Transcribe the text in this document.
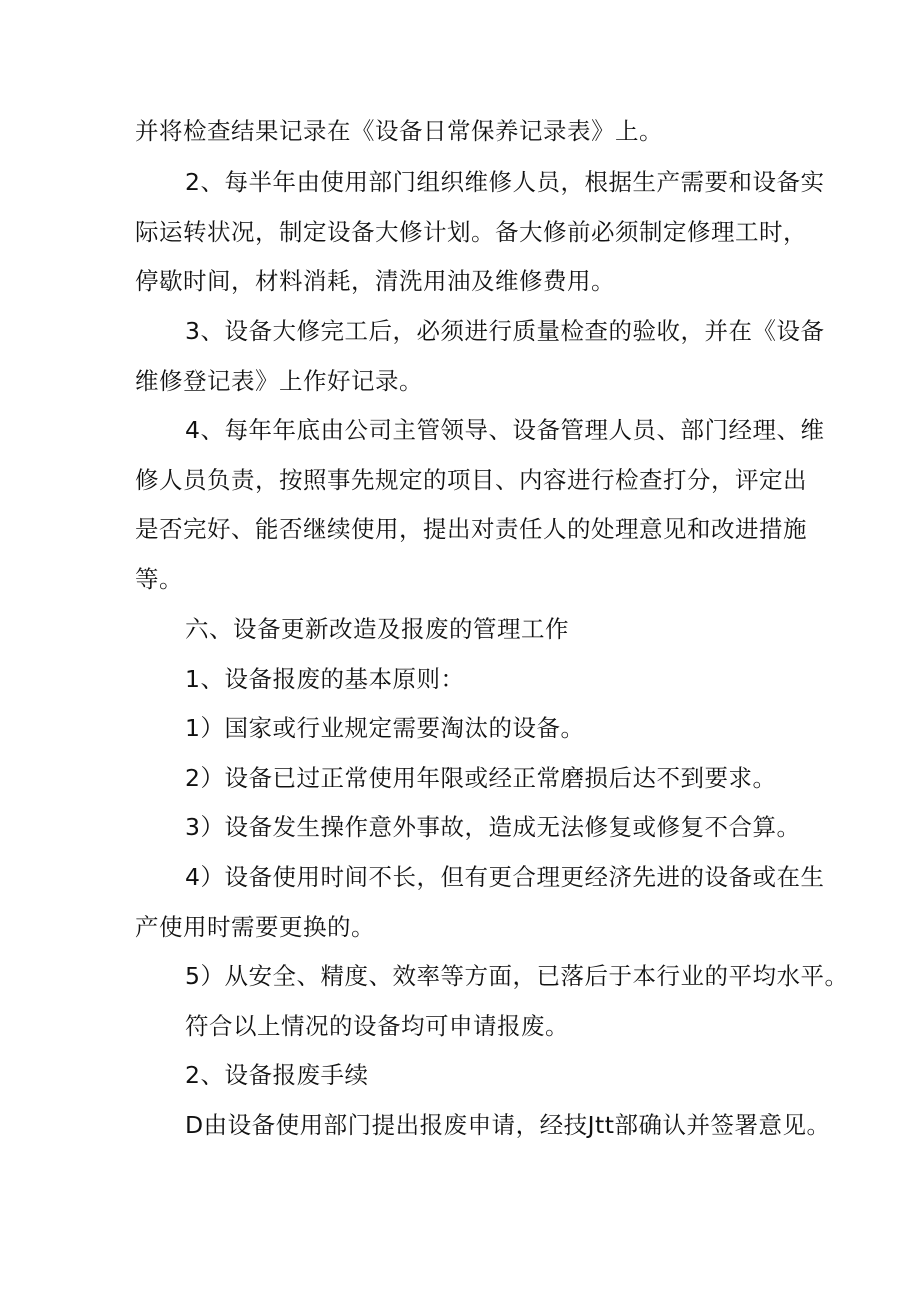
并将检查结果记录在《设备日常保养记录表》上。
2、每半年由使用部门组织维修人员，根据生产需要和设备实
际运转状况，制定设备大修计划。备大修前必须制定修理工时，
停歇时间，材料消耗，清洗用油及维修费用。
3、设备大修完工后，必须进行质量检查的验收，并在《设备
维修登记表》上作好记录。
4、每年年底由公司主管领导、设备管理人员、部门经理、维
修人员负责，按照事先规定的项目、内容进行检查打分，评定出
是否完好、能否继续使用，提出对责任人的处理意见和改进措施
等。
六、设备更新改造及报废的管理工作
1、设备报废的基本原则：
1）国家或行业规定需要淘汰的设备。
2）设备已过正常使用年限或经正常磨损后达不到要求。
3）设备发生操作意外事故，造成无法修复或修复不合算。
4）设备使用时间不长，但有更合理更经济先进的设备或在生
产使用时需要更换的。
5）从安全、精度、效率等方面，已落后于本行业的平均水平。
符合以上情况的设备均可申请报废。
2、设备报废手续
D由设备使用部门提出报废申请，经技Jtt部确认并签署意见。
